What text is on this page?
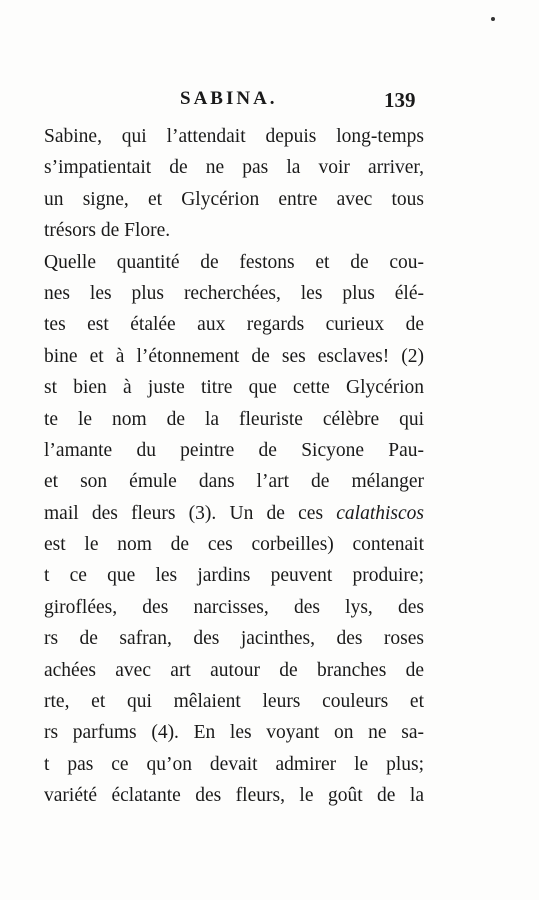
SABINA.	139
Sabine, qui l’attendait depuis long-temps
s’impatientait de ne pas la voir arriver,
un signe, et Glycérion entre avec tous
trésors de Flore.
Quelle quantité de festons et de cou-
nes les plus recherchées, les plus élé-
tes est étalée aux regards curieux de
bine et à l’étonnement de ses esclaves! (2)
st bien à juste titre que cette Glycérion
te le nom de la fleuriste célèbre qui
l’amante du peintre de Sicyone Pau-
et son émule dans l’art de mélanger
mail des fleurs (3). Un de ces calathiscos
est le nom de ces corbeilles) contenait
t ce que les jardins peuvent produire;
giroflées, des narcisses, des lys, des
rs de safran, des jacinthes, des roses
achées avec art autour de branches de
rte, et qui mêlaient leurs couleurs et
rs parfums (4). En les voyant on ne sa-
t pas ce qu’on devait admirer le plus;
variété éclatante des fleurs, le goût de la
